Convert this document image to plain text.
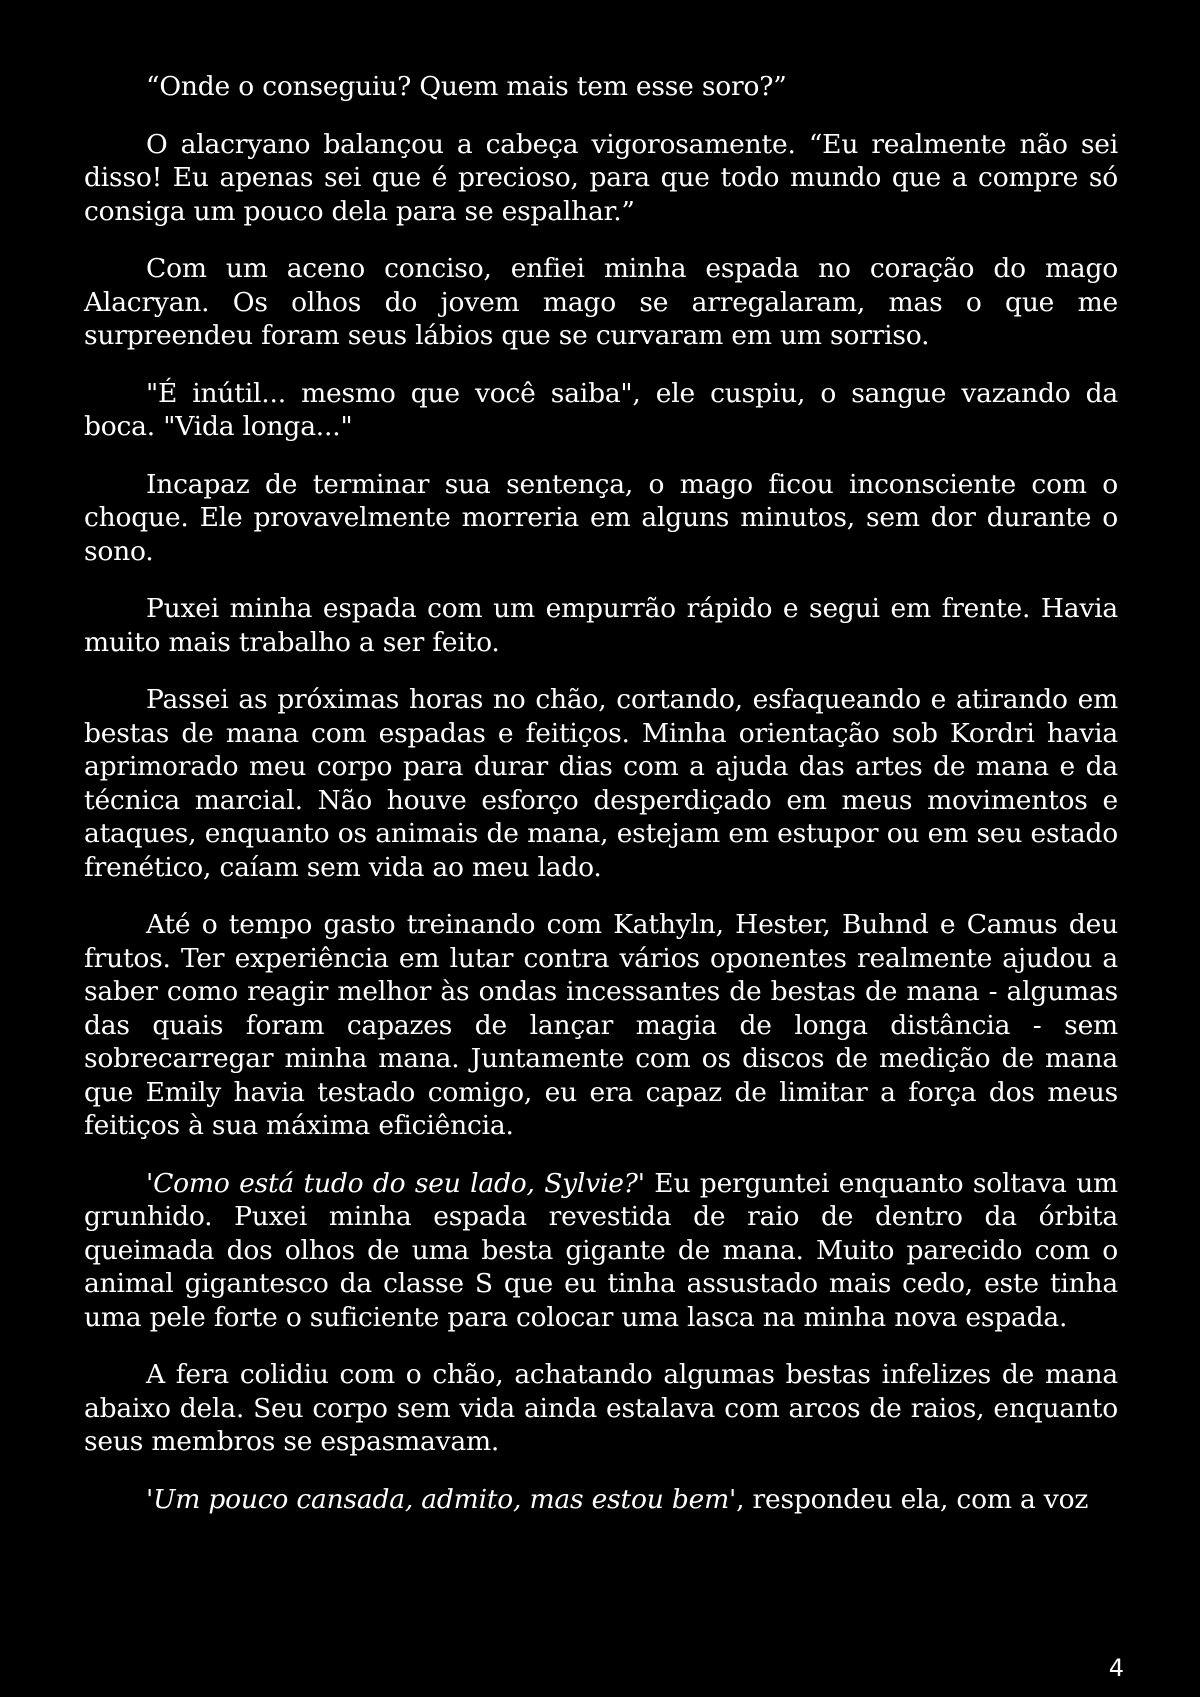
“Onde o conseguiu? Quem mais tem esse soro?”

O alacryano balançou a cabeça vigorosamente. “Eu realmente não sei disso! Eu apenas sei que é precioso, para que todo mundo que a compre só consiga um pouco dela para se espalhar.”

Com um aceno conciso, enfiei minha espada no coração do mago Alacryan. Os olhos do jovem mago se arregalaram, mas o que me surpreendeu foram seus lábios que se curvaram em um sorriso.

"É inútil... mesmo que você saiba", ele cuspiu, o sangue vazando da boca. "Vida longa..."

Incapaz de terminar sua sentença, o mago ficou inconsciente com o choque. Ele provavelmente morreria em alguns minutos, sem dor durante o sono.

Puxei minha espada com um empurrão rápido e segui em frente. Havia muito mais trabalho a ser feito.

Passei as próximas horas no chão, cortando, esfaqueando e atirando em bestas de mana com espadas e feitiços. Minha orientação sob Kordri havia aprimorado meu corpo para durar dias com a ajuda das artes de mana e da técnica marcial. Não houve esforço desperdiçado em meus movimentos e ataques, enquanto os animais de mana, estejam em estupor ou em seu estado frenético, caíam sem vida ao meu lado.

Até o tempo gasto treinando com Kathyln, Hester, Buhnd e Camus deu frutos. Ter experiência em lutar contra vários oponentes realmente ajudou a saber como reagir melhor às ondas incessantes de bestas de mana - algumas das quais foram capazes de lançar magia de longa distância - sem sobrecarregar minha mana. Juntamente com os discos de medição de mana que Emily havia testado comigo, eu era capaz de limitar a força dos meus feitiços à sua máxima eficiência.

'Como está tudo do seu lado, Sylvie?' Eu perguntei enquanto soltava um grunhido. Puxei minha espada revestida de raio de dentro da órbita queimada dos olhos de uma besta gigante de mana. Muito parecido com o animal gigantesco da classe S que eu tinha assustado mais cedo, este tinha uma pele forte o suficiente para colocar uma lasca na minha nova espada.

A fera colidiu com o chão, achatando algumas bestas infelizes de mana abaixo dela. Seu corpo sem vida ainda estalava com arcos de raios, enquanto seus membros se espasmavam.

'Um pouco cansada, admito, mas estou bem', respondeu ela, com a voz

4
